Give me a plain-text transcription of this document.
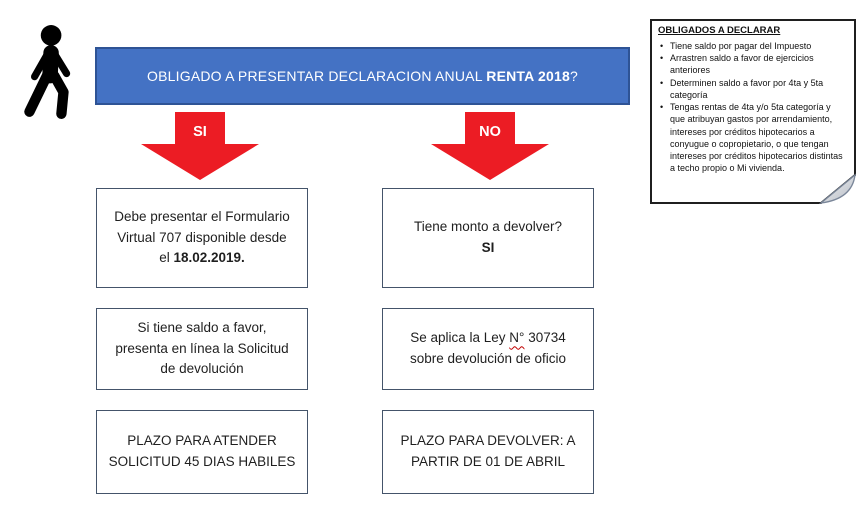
OBLIGADO A PRESENTAR DECLARACION ANUAL RENTA 2018?
SI	NO
Debe presentar el Formulario
Virtual 707 disponible desde
el 18.02.2019.
Si tiene saldo a favor,
presenta en línea la Solicitud
de devolución
PLAZO PARA ATENDER
SOLICITUD 45 DIAS HABILES
Tiene monto a devolver?
SI
Se aplica la Ley N° 30734
sobre devolución de oficio
PLAZO PARA DEVOLVER: A
PARTIR DE 01 DE ABRIL
OBLIGADOS A DECLARAR
• Tiene saldo por pagar del Impuesto
• Arrastren saldo a favor de ejercicios anteriores
• Determinen saldo a favor por 4ta y 5ta categoría
• Tengas rentas de 4ta y/o 5ta categoría y que atribuyan gastos por arrendamiento, intereses por créditos hipotecarios a conyugue o copropietario, o que tengan intereses por créditos hipotecarios distintas a techo propio o Mi vivienda.
